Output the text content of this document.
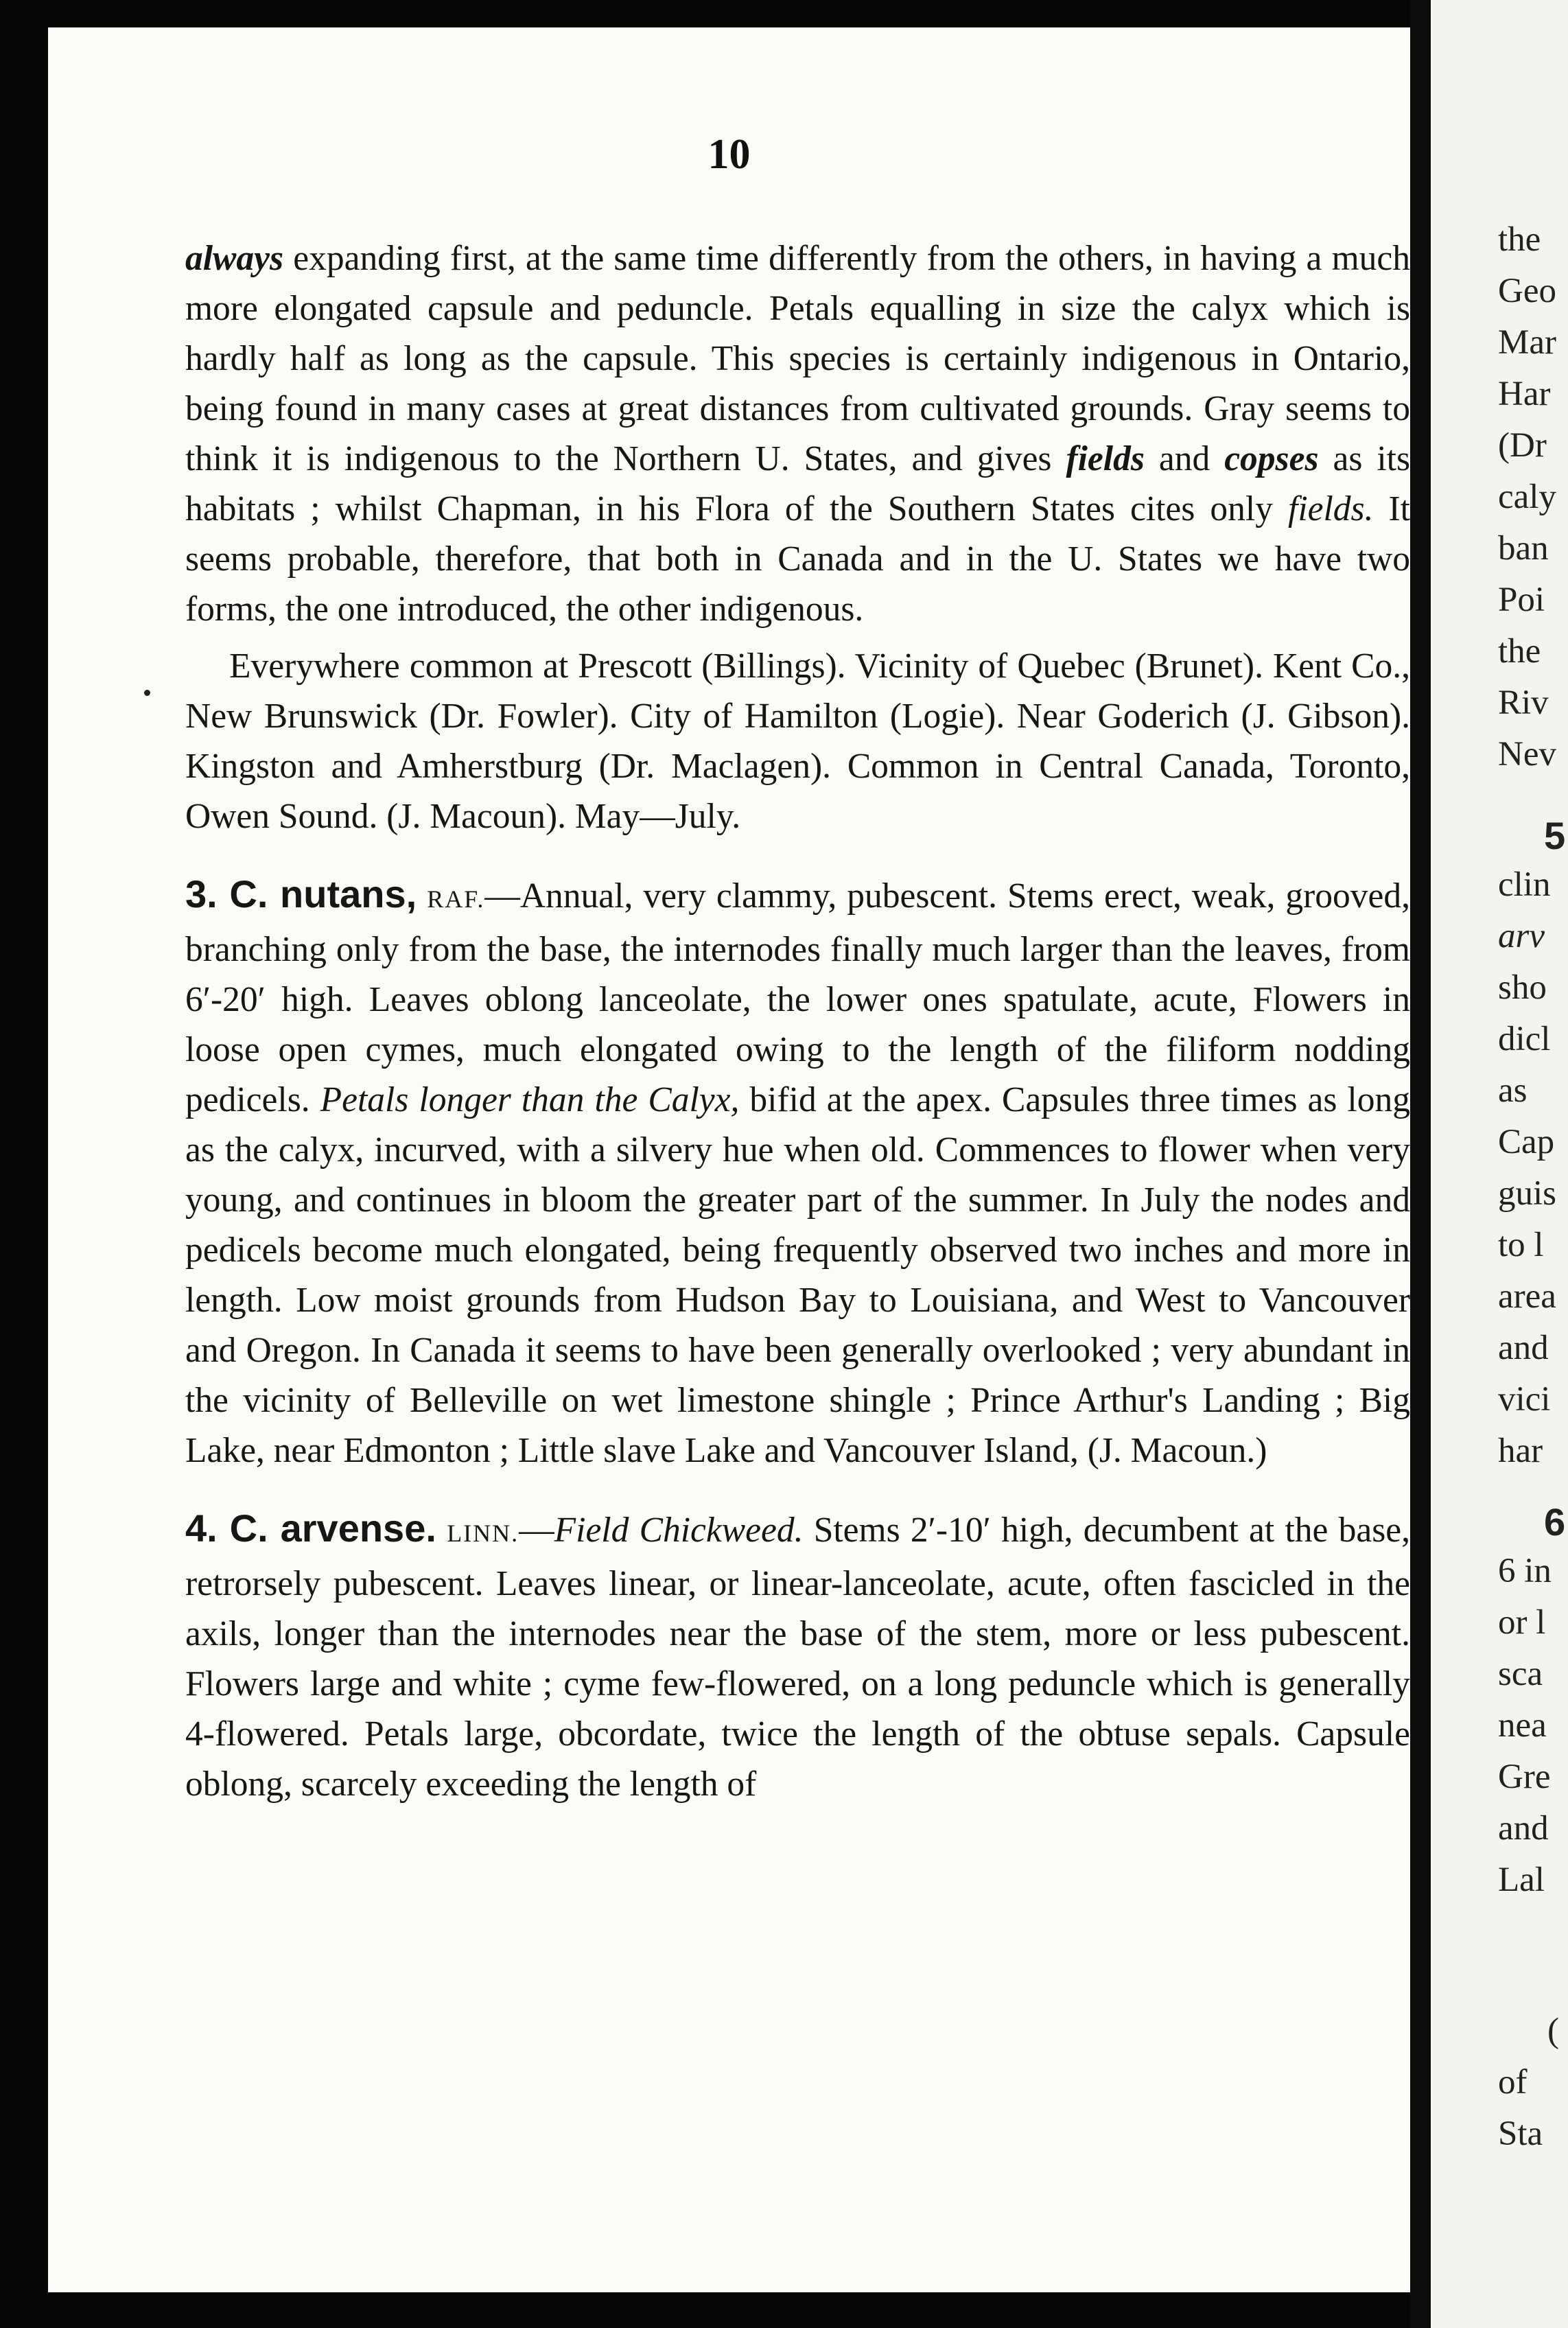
10

always expanding first, at the same time differently from the others, in having a much more elongated capsule and peduncle. Petals equalling in size the calyx which is hardly half as long as the capsule. This species is certainly indigenous in Ontario, being found in many cases at great distances from cultivated grounds. Gray seems to think it is indigenous to the Northern U. States, and gives fields and copses as its habitats ; whilst Chapman, in his Flora of the Southern States cites only fields. It seems probable, therefore, that both in Canada and in the U. States we have two forms, the one introduced, the other indigenous.

Everywhere common at Prescott (Billings). Vicinity of Quebec (Brunet). Kent Co., New Brunswick (Dr. Fowler). City of Hamilton (Logie). Near Goderich (J. Gibson). Kingston and Amherstburg (Dr. Maclagen). Common in Central Canada, Toronto, Owen Sound. (J. Macoun). May—July.

3. C. nutans, RAF.—Annual, very clammy, pubescent. Stems erect, weak, grooved, branching only from the base, the internodes finally much larger than the leaves, from 6′-20′ high. Leaves oblong lanceolate, the lower ones spatulate, acute, Flowers in loose open cymes, much elongated owing to the length of the filiform nodding pedicels. Petals longer than the Calyx, bifid at the apex. Capsules three times as long as the calyx, incurved, with a silvery hue when old. Commences to flower when very young, and continues in bloom the greater part of the summer. In July the nodes and pedicels become much elongated, being frequently observed two inches and more in length. Low moist grounds from Hudson Bay to Louisiana, and West to Vancouver and Oregon. In Canada it seems to have been generally overlooked ; very abundant in the vicinity of Belleville on wet limestone shingle ; Prince Arthur's Landing ; Big Lake, near Edmonton ; Little slave Lake and Vancouver Island, (J. Macoun.)

4. C. arvense. LINN.—Field Chickweed. Stems 2′-10′ high, decumbent at the base, retrorsely pubescent. Leaves linear, or linear-lanceolate, acute, often fascicled in the axils, longer than the internodes near the base of the stem, more or less pubescent. Flowers large and white ; cyme few-flowered, on a long peduncle which is generally 4-flowered. Petals large, obcordate, twice the length of the obtuse sepals. Capsule oblong, scarcely exceeding the length of

the
Geo
Mar
Har
(Dr
caly
ban
Poi
the
Riv
Nev
5
clin
arv
sho
dicl
as
Cap
guis
to l
area
and
vici
har
6
6 in
or l
sca
nea
Gre
and
Lal
(
of
Sta
